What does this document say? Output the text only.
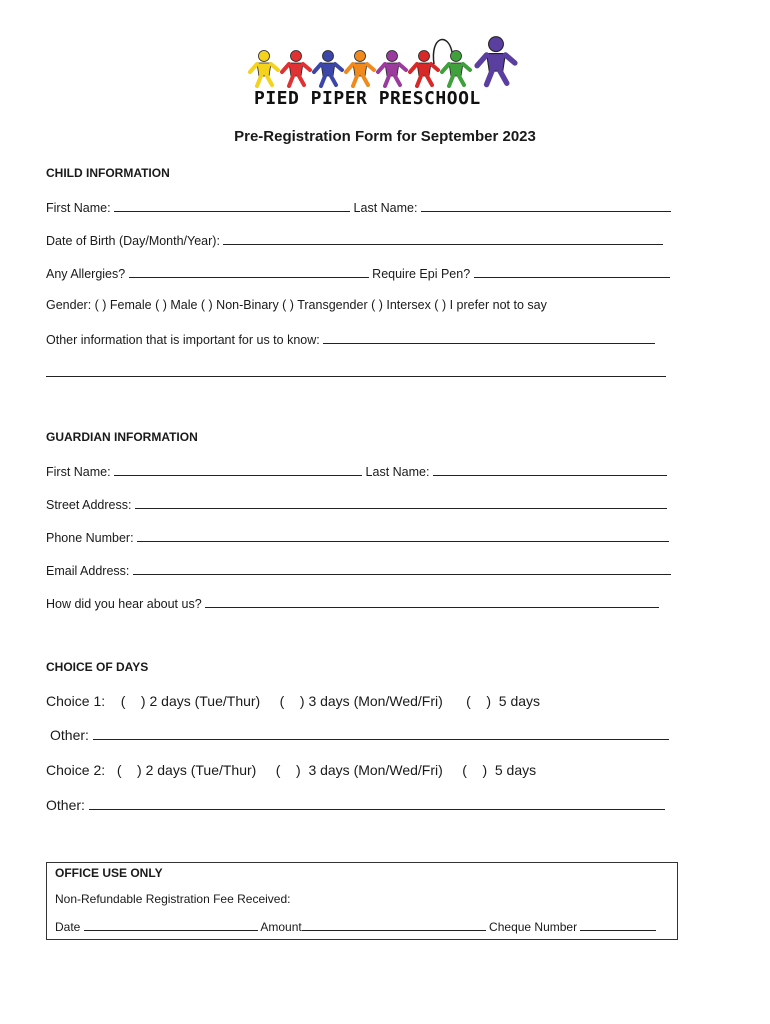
PIED PIPER PRESCHOOL
Pre-Registration Form for September 2023
CHILD INFORMATION
First Name:	Last Name:
Date of Birth (Day/Month/Year):
Any Allergies?	Require Epi Pen?
Gender: ( ) Female ( ) Male ( ) Non-Binary ( ) Transgender ( ) Intersex ( ) I prefer not to say
Other information that is important for us to know:
GUARDIAN INFORMATION
First Name:	Last Name:
Street Address:
Phone Number:
Email Address:
How did you hear about us?
CHOICE OF DAYS
Choice 1:    (    ) 2 days (Tue/Thur)     (    ) 3 days (Mon/Wed/Fri)      (    )  5 days
Other:
Choice 2:   (    ) 2 days (Tue/Thur)     (    )  3 days (Mon/Wed/Fri)     (    )  5 days
Other:
OFFICE USE ONLY
Non-Refundable Registration Fee Received:
Date	Amount	Cheque Number
